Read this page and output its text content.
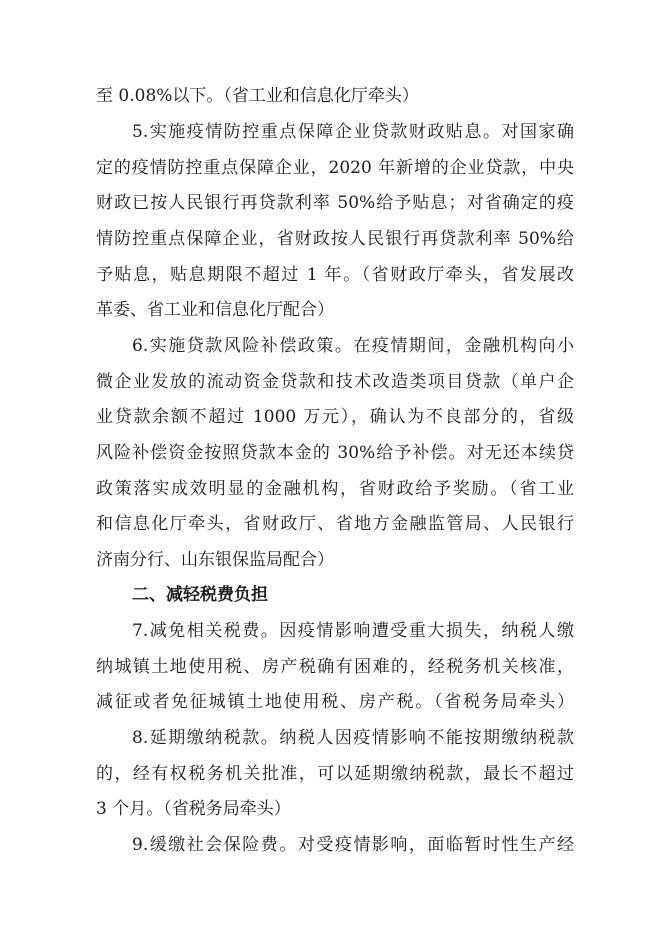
至 0.08%以下。（省工业和信息化厅牵头）
5.实施疫情防控重点保障企业贷款财政贴息。对国家确
定的疫情防控重点保障企业，2020 年新增的企业贷款，中央
财政已按人民银行再贷款利率 50%给予贴息；对省确定的疫
情防控重点保障企业，省财政按人民银行再贷款利率 50%给
予贴息，贴息期限不超过 1 年。（省财政厅牵头，省发展改
革委、省工业和信息化厅配合）
6.实施贷款风险补偿政策。在疫情期间，金融机构向小
微企业发放的流动资金贷款和技术改造类项目贷款（单户企
业贷款余额不超过 1000 万元），确认为不良部分的，省级
风险补偿资金按照贷款本金的 30%给予补偿。对无还本续贷
政策落实成效明显的金融机构，省财政给予奖励。（省工业
和信息化厅牵头，省财政厅、省地方金融监管局、人民银行
济南分行、山东银保监局配合）
二、减轻税费负担
7.减免相关税费。因疫情影响遭受重大损失，纳税人缴
纳城镇土地使用税、房产税确有困难的，经税务机关核准，
减征或者免征城镇土地使用税、房产税。（省税务局牵头）
8.延期缴纳税款。纳税人因疫情影响不能按期缴纳税款
的，经有权税务机关批准，可以延期缴纳税款，最长不超过
3 个月。（省税务局牵头）
9.缓缴社会保险费。对受疫情影响，面临暂时性生产经
